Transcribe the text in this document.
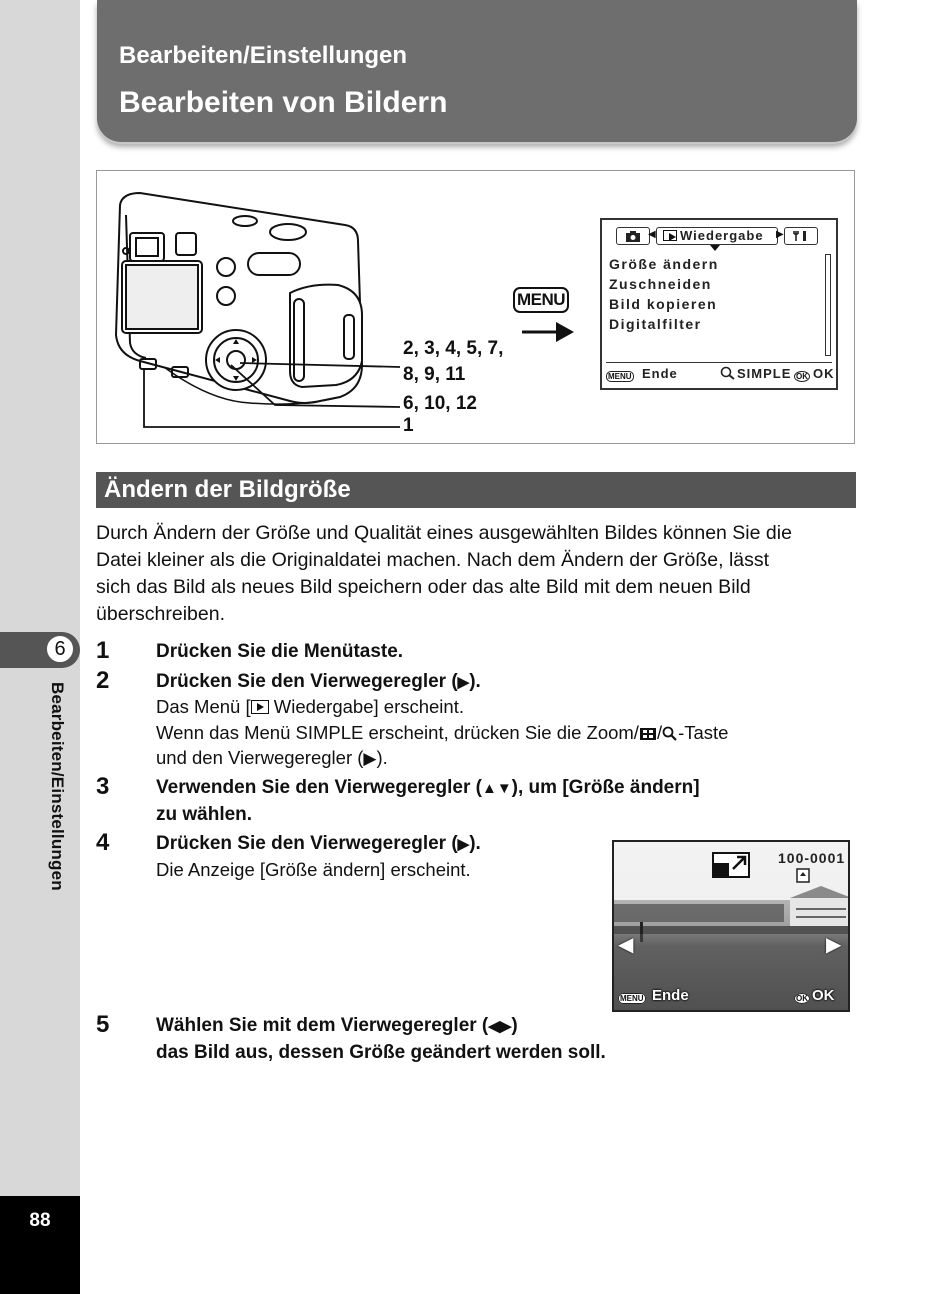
6
Bearbeiten/Einstellungen
88
Bearbeiten/Einstellungen
Bearbeiten von Bildern
2, 3, 4, 5, 7,
8, 9, 11
6, 10, 12
1
MENU
◀ Wiedergabe ▶
Größe ändern
Zuschneiden
Bild kopieren
Digitalfilter
MENU Ende	SIMPLE OK OK
Ändern der Bildgröße
Durch Ändern der Größe und Qualität eines ausgewählten Bildes können Sie die
Datei kleiner als die Originaldatei machen. Nach dem Ändern der Größe, lässt
sich das Bild als neues Bild speichern oder das alte Bild mit dem neuen Bild
überschreiben.
1 Drücken Sie die Menütaste.
2 Drücken Sie den Vierwegeregler (▶).
Das Menü [ Wiedergabe] erscheint.
Wenn das Menü SIMPLE erscheint, drücken Sie die Zoom/ / -Taste
und den Vierwegeregler (▶).
3 Verwenden Sie den Vierwegeregler (▲▼), um [Größe ändern]
zu wählen.
4 Drücken Sie den Vierwegeregler (▶).
Die Anzeige [Größe ändern] erscheint.
100-0001
◀	▶
MENU Ende	OK OK
5 Wählen Sie mit dem Vierwegeregler (◀▶)
das Bild aus, dessen Größe geändert werden soll.
